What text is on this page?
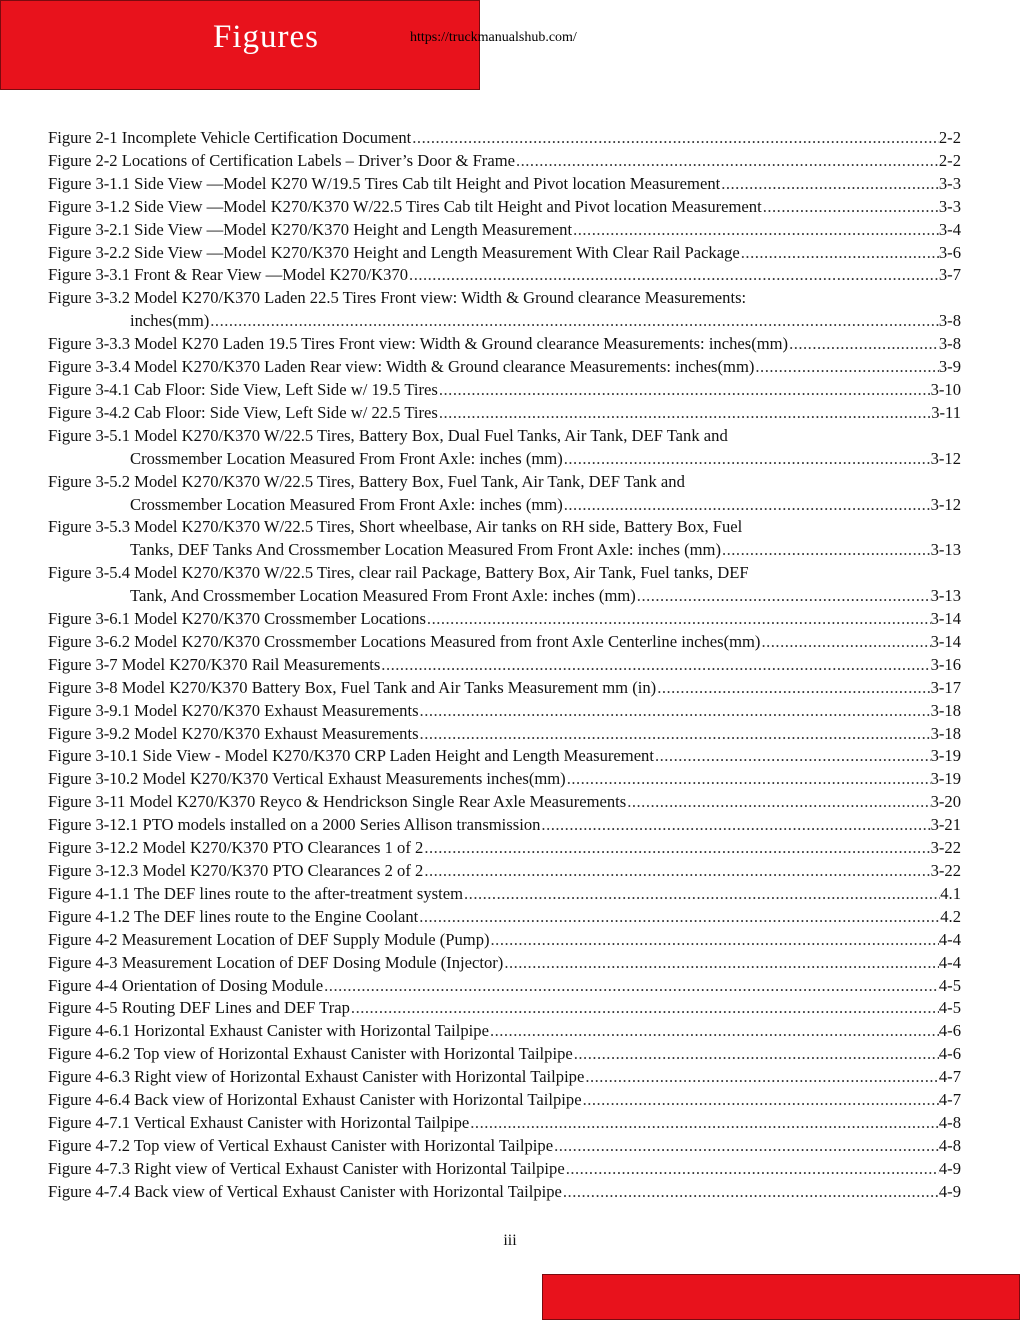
Figures	https://truckmanualshub.com/
Figure 2-1 Incomplete Vehicle Certification Document .....	2-2
Figure 2-2 Locations of Certification Labels – Driver’s Door & Frame .....	2-2
Figure 3-1.1 Side View —Model K270 W/19.5 Tires Cab tilt Height and Pivot location Measurement .....	3-3
Figure 3-1.2 Side View —Model K270/K370 W/22.5 Tires Cab tilt Height and Pivot location Measurement .....	3-3
Figure 3-2.1 Side View —Model K270/K370 Height and Length Measurement .....	3-4
Figure 3-2.2 Side View —Model K270/K370 Height and Length Measurement With Clear Rail Package .....	3-6
Figure 3-3.1 Front & Rear View —Model K270/K370 .....	3-7
Figure 3-3.2 Model K270/K370 Laden 22.5 Tires Front view: Width & Ground clearance Measurements:
inches(mm) .....	3-8
Figure 3-3.3 Model K270 Laden 19.5 Tires Front view: Width & Ground clearance Measurements: inches(mm) .....	3-8
Figure 3-3.4 Model K270/K370 Laden Rear view: Width & Ground clearance Measurements: inches(mm) .....	3-9
Figure 3-4.1 Cab Floor: Side View, Left Side w/ 19.5 Tires .....	3-10
Figure 3-4.2 Cab Floor: Side View, Left Side w/ 22.5 Tires .....	3-11
Figure 3-5.1 Model K270/K370 W/22.5 Tires, Battery Box, Dual Fuel Tanks, Air Tank, DEF Tank and
Crossmember Location Measured From Front Axle: inches (mm) .....	3-12
Figure 3-5.2 Model K270/K370 W/22.5 Tires, Battery Box, Fuel Tank, Air Tank, DEF Tank and
Crossmember Location Measured From Front Axle: inches (mm) .....	3-12
Figure 3-5.3 Model K270/K370 W/22.5 Tires, Short wheelbase, Air tanks on RH side, Battery Box, Fuel
Tanks, DEF Tanks And Crossmember Location Measured From Front Axle: inches (mm) .....	3-13
Figure 3-5.4 Model K270/K370 W/22.5 Tires, clear rail Package, Battery Box, Air Tank, Fuel tanks, DEF
Tank, And Crossmember Location Measured From Front Axle: inches (mm) .....	3-13
Figure 3-6.1 Model K270/K370 Crossmember Locations .....	3-14
Figure 3-6.2 Model K270/K370 Crossmember Locations Measured from front Axle Centerline inches(mm) .....	3-14
Figure 3-7 Model K270/K370 Rail Measurements .....	3-16
Figure 3-8 Model K270/K370 Battery Box, Fuel Tank and Air Tanks Measurement mm (in) .....	3-17
Figure 3-9.1 Model K270/K370 Exhaust Measurements .....	3-18
Figure 3-9.2 Model K270/K370 Exhaust Measurements .....	3-18
Figure 3-10.1 Side View - Model K270/K370 CRP Laden Height and Length Measurement .....	3-19
Figure 3-10.2 Model K270/K370 Vertical Exhaust Measurements inches(mm) .....	3-19
Figure 3-11 Model K270/K370 Reyco & Hendrickson Single Rear Axle Measurements .....	3-20
Figure 3-12.1 PTO models installed on a 2000 Series Allison transmission .....	3-21
Figure 3-12.2 Model K270/K370 PTO Clearances 1 of 2 .....	3-22
Figure 3-12.3 Model K270/K370 PTO Clearances 2 of 2 .....	3-22
Figure 4-1.1 The DEF lines route to the after-treatment system .....	4.1
Figure 4-1.2 The DEF lines route to the Engine Coolant .....	4.2
Figure 4-2 Measurement Location of DEF Supply Module (Pump) .....	4-4
Figure 4-3 Measurement Location of DEF Dosing Module (Injector) .....	4-4
Figure 4-4 Orientation of Dosing Module .....	4-5
Figure 4-5 Routing DEF Lines and DEF Trap .....	4-5
Figure 4-6.1 Horizontal Exhaust Canister with Horizontal Tailpipe .....	4-6
Figure 4-6.2 Top view of Horizontal Exhaust Canister with Horizontal Tailpipe .....	4-6
Figure 4-6.3 Right view of Horizontal Exhaust Canister with Horizontal Tailpipe .....	4-7
Figure 4-6.4 Back view of Horizontal Exhaust Canister with Horizontal Tailpipe .....	4-7
Figure 4-7.1 Vertical Exhaust Canister with Horizontal Tailpipe .....	4-8
Figure 4-7.2 Top view of Vertical Exhaust Canister with Horizontal Tailpipe .....	4-8
Figure 4-7.3 Right view of Vertical Exhaust Canister with Horizontal Tailpipe .....	4-9
Figure 4-7.4 Back view of Vertical Exhaust Canister with Horizontal Tailpipe .....	4-9
iii
